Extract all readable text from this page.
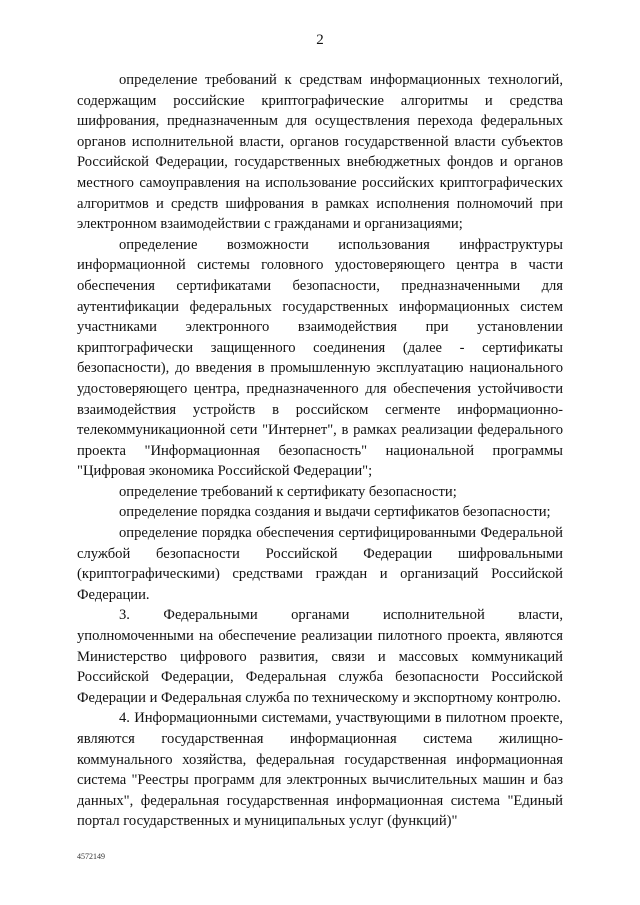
2

определение требований к средствам информационных технологий, содержащим российские криптографические алгоритмы и средства шифрования, предназначенным для осуществления перехода федеральных органов исполнительной власти, органов государственной власти субъектов Российской Федерации, государственных внебюджетных фондов и органов местного самоуправления на использование российских криптографических алгоритмов и средств шифрования в рамках исполнения полномочий при электронном взаимодействии с гражданами и организациями;

определение возможности использования инфраструктуры информационной системы головного удостоверяющего центра в части обеспечения сертификатами безопасности, предназначенными для аутентификации федеральных государственных информационных систем участниками электронного взаимодействия при установлении криптографически защищенного соединения (далее - сертификаты безопасности), до введения в промышленную эксплуатацию национального удостоверяющего центра, предназначенного для обеспечения устойчивости взаимодействия устройств в российском сегменте информационно-телекоммуникационной сети "Интернет", в рамках реализации федерального проекта "Информационная безопасность" национальной программы "Цифровая экономика Российской Федерации";

определение требований к сертификату безопасности;

определение порядка создания и выдачи сертификатов безопасности;

определение порядка обеспечения сертифицированными Федеральной службой безопасности Российской Федерации шифровальными (криптографическими) средствами граждан и организаций Российской Федерации.

3. Федеральными органами исполнительной власти, уполномоченными на обеспечение реализации пилотного проекта, являются Министерство цифрового развития, связи и массовых коммуникаций Российской Федерации, Федеральная служба безопасности Российской Федерации и Федеральная служба по техническому и экспортному контролю.

4. Информационными системами, участвующими в пилотном проекте, являются государственная информационная система жилищно-коммунального хозяйства, федеральная государственная информационная система "Реестры программ для электронных вычислительных машин и баз данных", федеральная государственная информационная система "Единый портал государственных и муниципальных услуг (функций)"

4572149
